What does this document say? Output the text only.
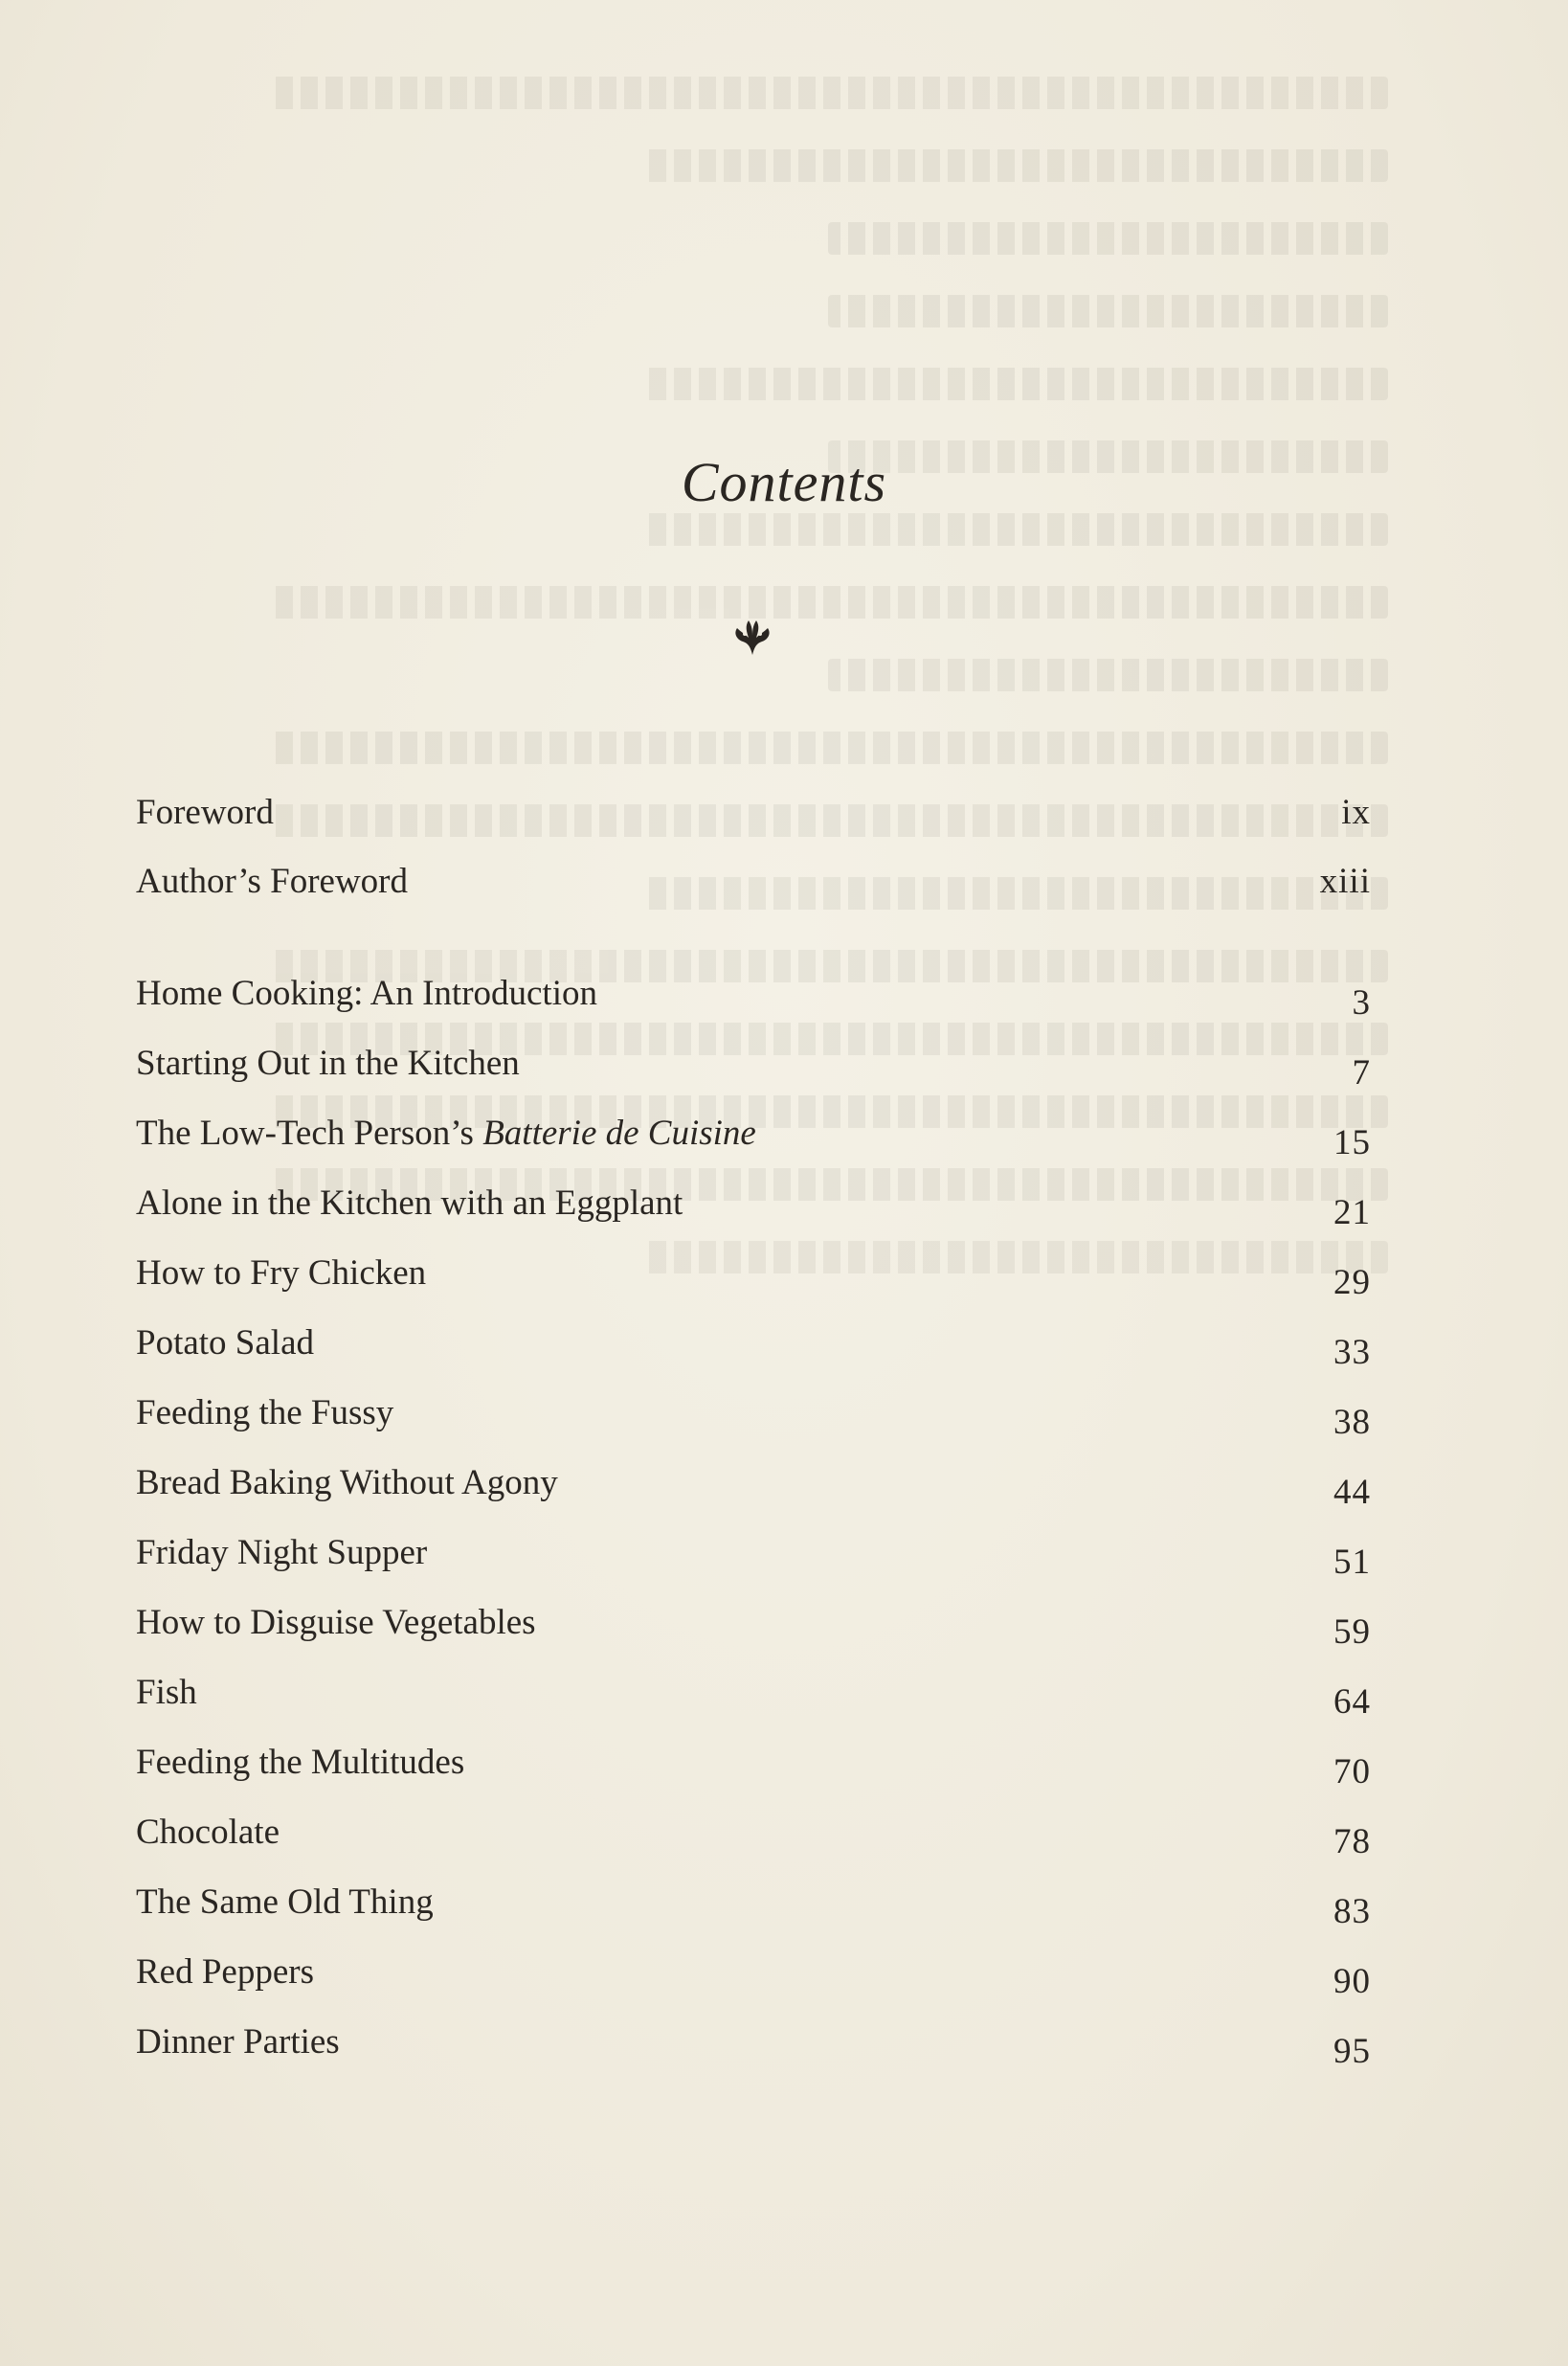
Contents
Foreword	ix
Author’s Foreword	xiii
Home Cooking: An Introduction	3
Starting Out in the Kitchen	7
The Low-Tech Person’s Batterie de Cuisine	15
Alone in the Kitchen with an Eggplant	21
How to Fry Chicken	29
Potato Salad	33
Feeding the Fussy	38
Bread Baking Without Agony	44
Friday Night Supper	51
How to Disguise Vegetables	59
Fish	64
Feeding the Multitudes	70
Chocolate	78
The Same Old Thing	83
Red Peppers	90
Dinner Parties	95
